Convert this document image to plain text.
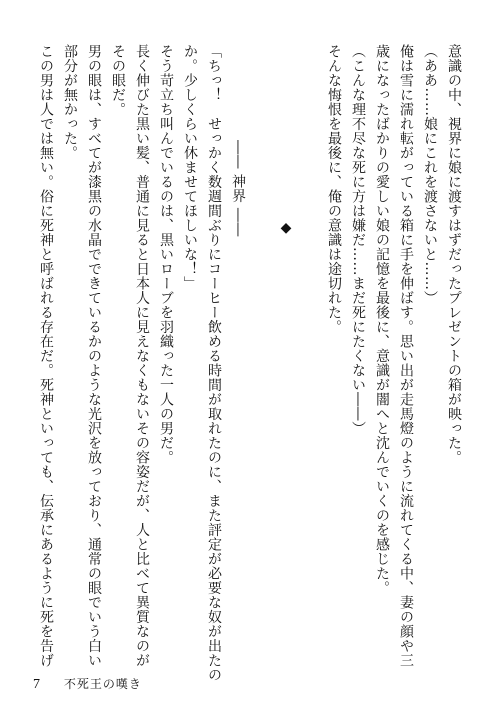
意識の中、視界に娘に渡すはずだったプレゼントの箱が映った。
（ああ……娘にこれを渡さないと……）
俺は雪に濡れ転がっている箱に手を伸ばす。思い出が走馬燈のように流れてくる中、妻の顔や三
歳になったばかりの愛しい娘の記憶を最後に、意識が闇へと沈んでいくのを感じた。
（こんな理不尽な死に方は嫌だ……まだ死にたくない――）
そんな悔恨を最後に、俺の意識は途切れた。
◆
―― 神界 ――
「ちっ！　せっかく数週間ぶりにコーヒー飲める時間が取れたのに、また評定が必要な奴が出たの
か。少しくらい休ませてほしいな！」
そう苛立ち叫んでいるのは、黒いローブを羽織った一人の男だ。
長く伸びた黒い髪、普通に見ると日本人に見えなくもないその容姿だが、人と比べて異質なのが
その眼だ。
男の眼は、すべてが漆黒の水晶でできているかのような光沢を放っており、通常の眼でいう白い
部分が無かった。
この男は人では無い。俗に死神と呼ばれる存在だ。死神といっても、伝承にあるように死を告げ
7 不死王の嘆き
